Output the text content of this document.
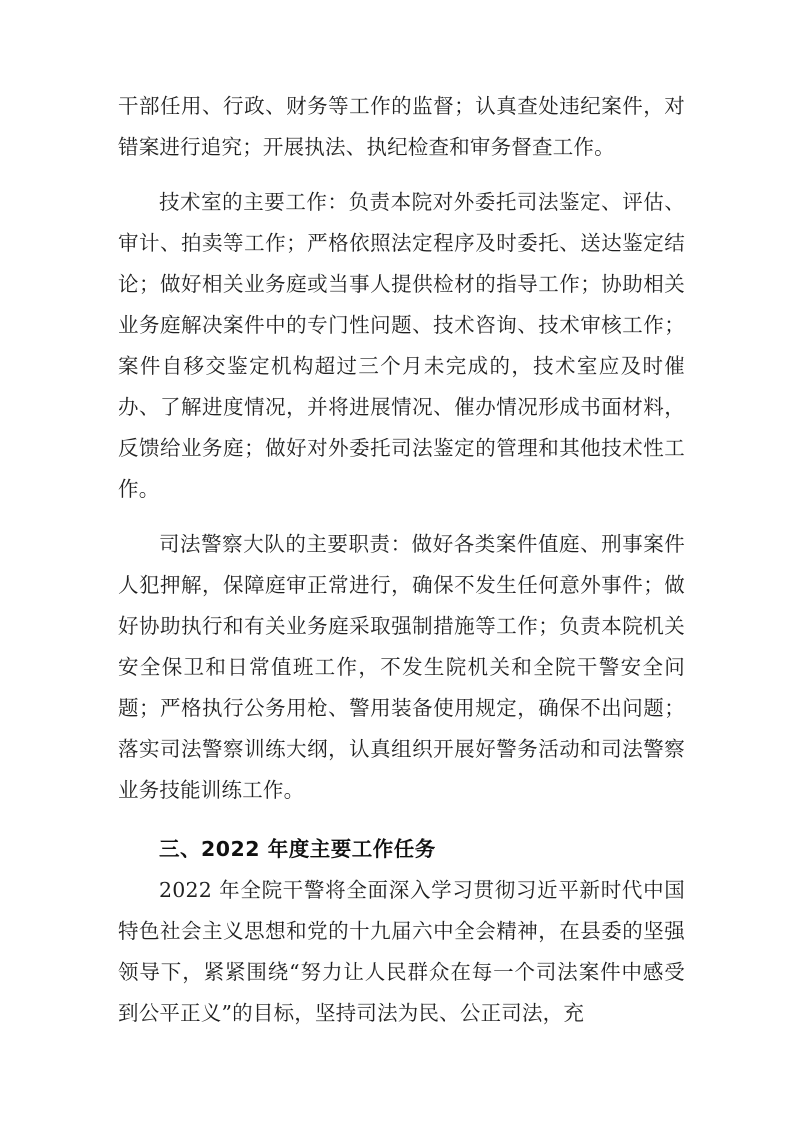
干部任用、行政、财务等工作的监督；认真查处违纪案件，对错案进行追究；开展执法、执纪检查和审务督查工作。

技术室的主要工作：负责本院对外委托司法鉴定、评估、审计、拍卖等工作；严格依照法定程序及时委托、送达鉴定结论；做好相关业务庭或当事人提供检材的指导工作；协助相关业务庭解决案件中的专门性问题、技术咨询、技术审核工作；案件自移交鉴定机构超过三个月未完成的，技术室应及时催办、了解进度情况，并将进展情况、催办情况形成书面材料，反馈给业务庭；做好对外委托司法鉴定的管理和其他技术性工作。

司法警察大队的主要职责：做好各类案件值庭、刑事案件人犯押解，保障庭审正常进行，确保不发生任何意外事件；做好协助执行和有关业务庭采取强制措施等工作；负责本院机关安全保卫和日常值班工作，不发生院机关和全院干警安全问题；严格执行公务用枪、警用装备使用规定，确保不出问题；落实司法警察训练大纲，认真组织开展好警务活动和司法警察业务技能训练工作。

三、2022 年度主要工作任务

2022 年全院干警将全面深入学习贯彻习近平新时代中国特色社会主义思想和党的十九届六中全会精神，在县委的坚强领导下，紧紧围绕“努力让人民群众在每一个司法案件中感受到公平正义”的目标，坚持司法为民、公正司法，充
